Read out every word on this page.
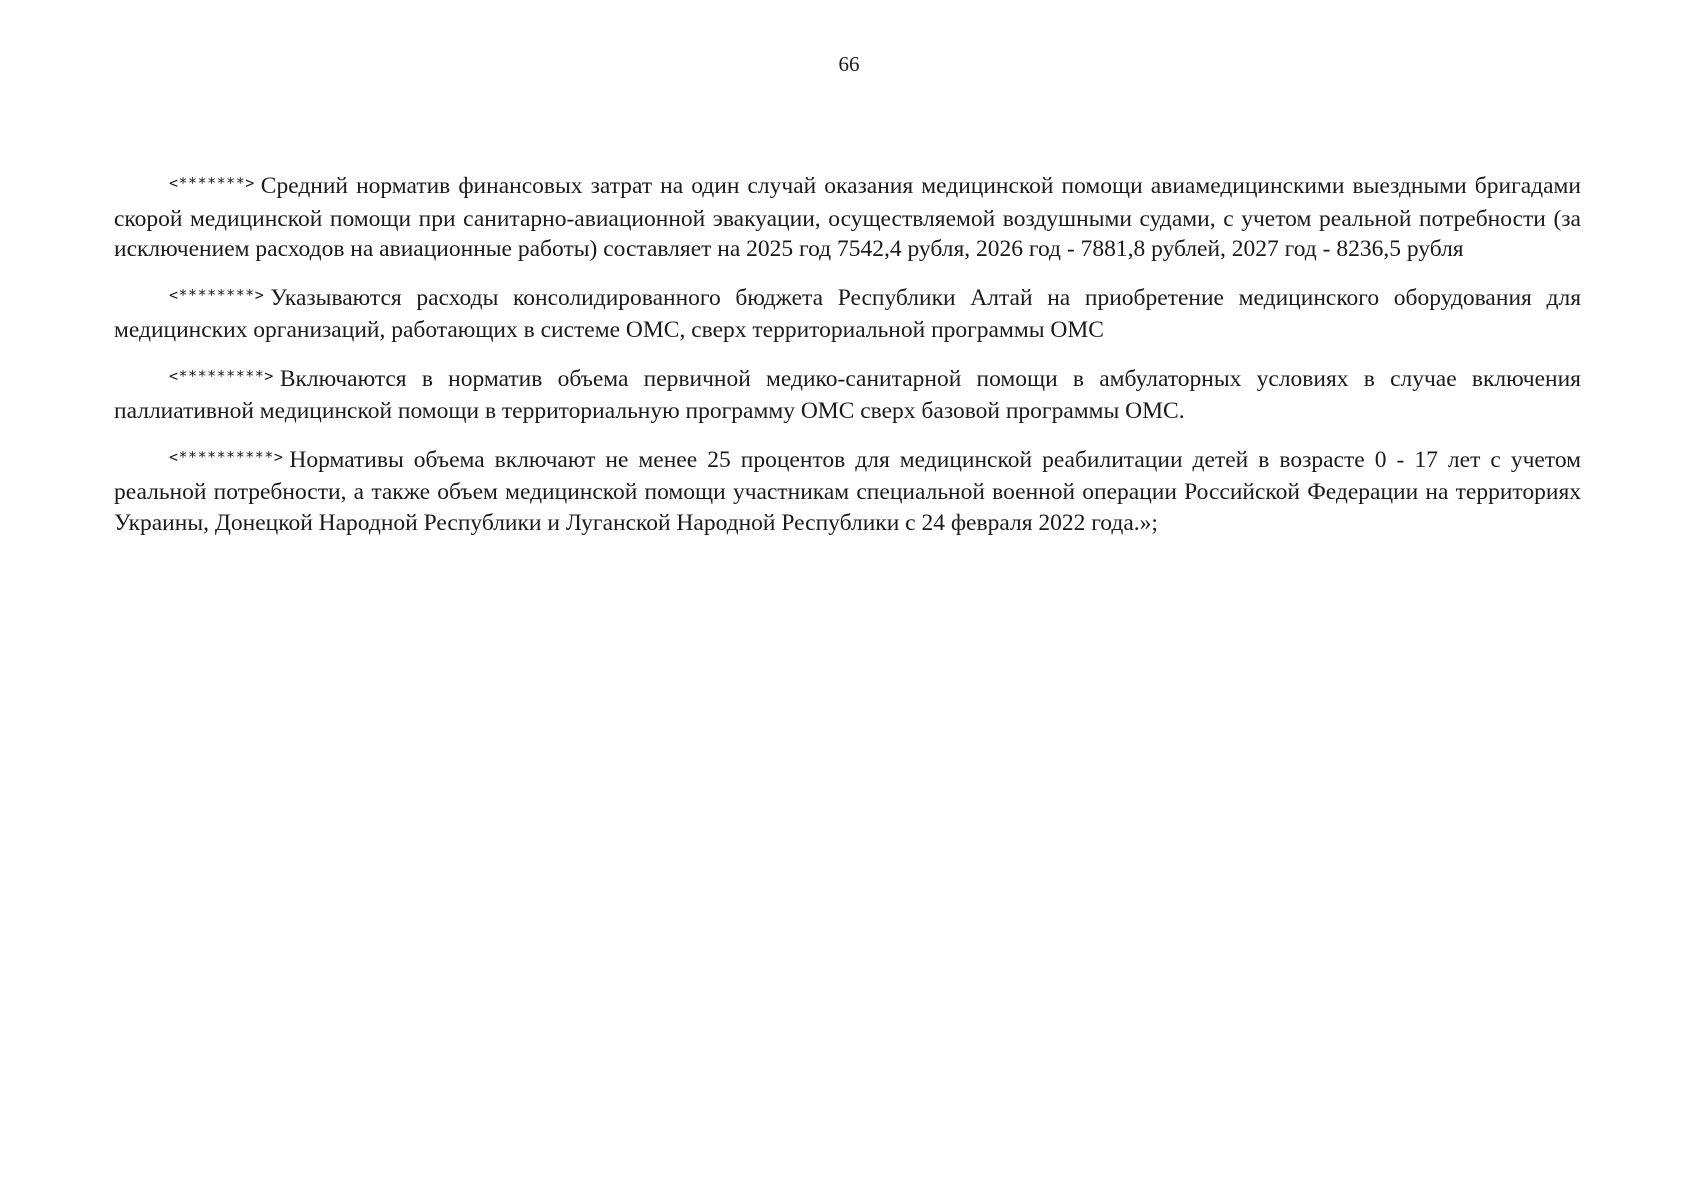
66

<*******> Средний норматив финансовых затрат на один случай оказания медицинской помощи авиамедицинскими выездными бригадами скорой медицинской помощи при санитарно-авиационной эвакуации, осуществляемой воздушными судами, с учетом реальной потребности (за исключением расходов на авиационные работы) составляет на 2025 год 7542,4 рубля, 2026 год - 7881,8 рублей, 2027 год - 8236,5 рубля

<********> Указываются расходы консолидированного бюджета Республики Алтай на приобретение медицинского оборудования для медицинских организаций, работающих в системе ОМС, сверх территориальной программы ОМС

<*********> Включаются в норматив объема первичной медико-санитарной помощи в амбулаторных условиях в случае включения паллиативной медицинской помощи в территориальную программу ОМС сверх базовой программы ОМС.

<**********> Нормативы объема включают не менее 25 процентов для медицинской реабилитации детей в возрасте 0 - 17 лет с учетом реальной потребности, а также объем медицинской помощи участникам специальной военной операции Российской Федерации на территориях Украины, Донецкой Народной Республики и Луганской Народной Республики с 24 февраля 2022 года.»;
